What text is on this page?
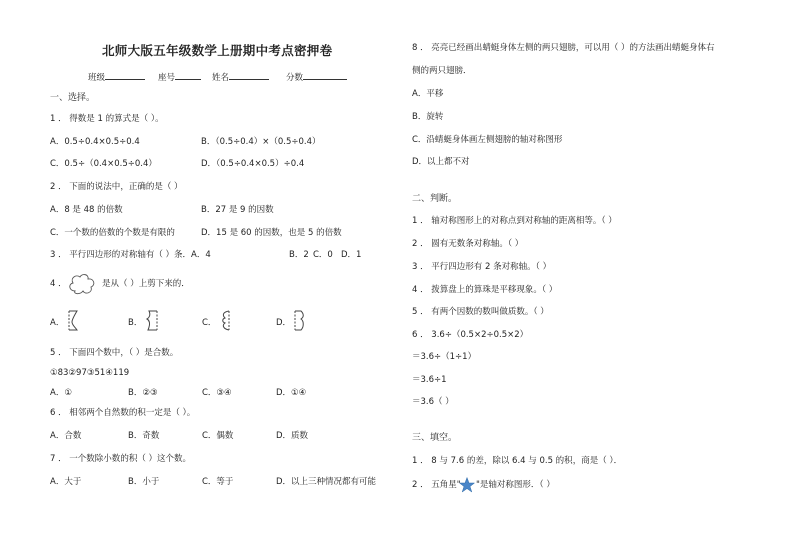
北师大版五年级数学上册期中考点密押卷
班级	座号	姓名	分数
一、选择。
1 ． 得数是 1 的算式是（ ）。
A．0.5÷0.4×0.5÷0.4	B．（0.5÷0.4）×（0.5÷0.4）
C．0.5÷（0.4×0.5÷0.4）	D．（0.5÷0.4×0.5）÷0.4
2 ． 下面的说法中，正确的是（ ）
A．8 是 48 的倍数	B．27 是 9 的因数
C．一个数的倍数的个数是有限的	D．15 是 60 的因数，也是 5 的倍数
3 ． 平行四边形的对称轴有（ ）条．A．4	B．2 C．0 D．1
4 ．	是从（ ）上剪下来的．
A．	B．	C．	D．
5 ． 下面四个数中，（ ）是合数。
①83②97③51④119
A．①	B．②③	C．③④	D．①④
6 ． 相邻两个自然数的积一定是（ ）。
A．合数	B．奇数	C．偶数	D．质数
7 ． 一个数除小数的积（ ）这个数。
A．大于	B．小于	C．等于	D．以上三种情况都有可能
8 ． 亮亮已经画出蜻蜓身体左侧的两只翅膀，可以用（ ）的方法画出蜻蜓身体右
侧的两只翅膀．
A．平移
B．旋转
C．沿蜻蜓身体画左侧翅膀的轴对称图形
D．以上都不对
二、判断。
1 ． 轴对称图形上的对称点到对称轴的距离相等。（ ）
2 ． 圆有无数条对称轴。（ ）
3 ． 平行四边形有 2 条对称轴。（ ）
4 ． 拨算盘上的算珠是平移现象。（ ）
5 ． 有两个因数的数叫做质数。（ ）
6 ． 3.6÷（0.5×2÷0.5×2）
＝3.6÷（1÷1）
＝3.6÷1
＝3.6（ ）
三、填空。
1 ． 8 与 7.6 的差，除以 6.4 与 0.5 的积，商是（ ）．
2 ． 五角星" "是轴对称图形．（ ）
